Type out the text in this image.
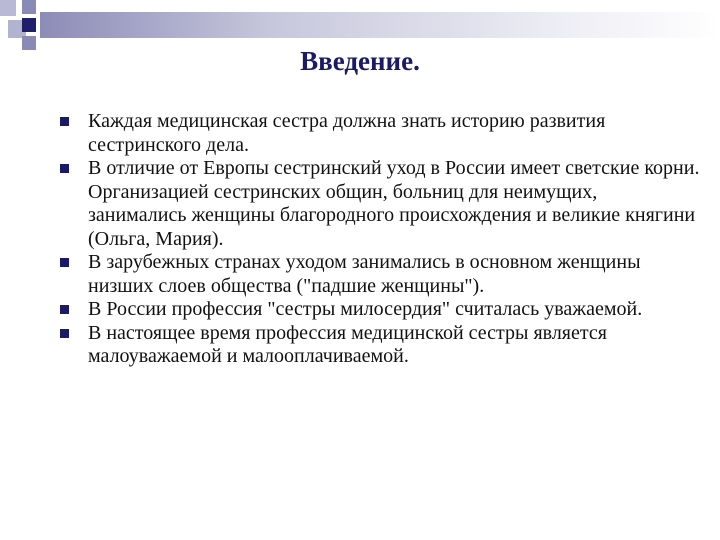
Введение.
Каждая медицинская сестра должна знать историю развития сестринского дела.
В отличие от Европы сестринский уход в России имеет светские корни. Организацией сестринских общин, больниц для неимущих, занимались женщины благородного происхождения и великие княгини (Ольга, Мария).
В зарубежных странах уходом занимались в основном женщины низших слоев общества ("падшие женщины").
В России профессия "сестры милосердия" считалась уважаемой.
В настоящее время профессия медицинской сестры является малоуважаемой и малооплачиваемой.
